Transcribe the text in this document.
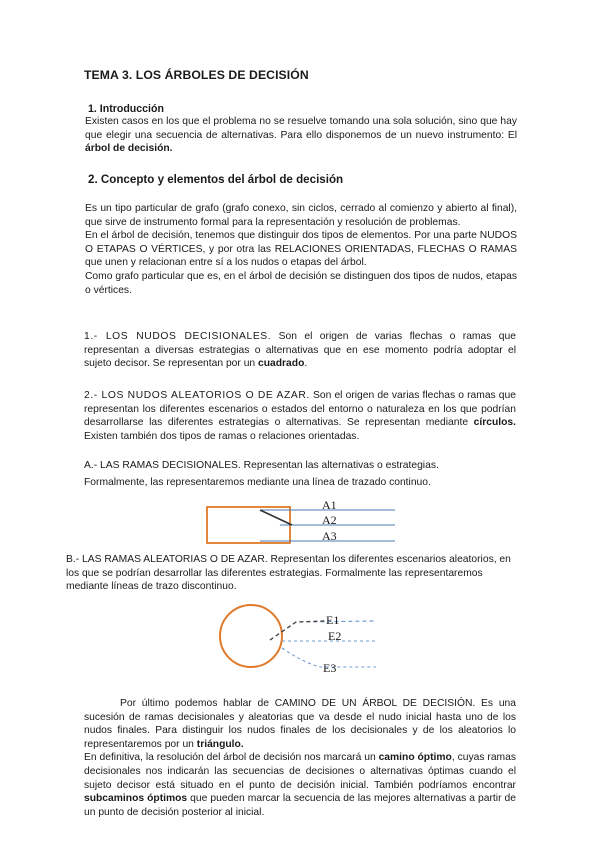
TEMA 3. LOS ÁRBOLES DE DECISIÓN
1. Introducción
Existen casos en los que el problema no se resuelve tomando una sola solución, sino que hay que elegir una secuencia de alternativas. Para ello disponemos de un nuevo instrumento: El árbol de decisión.
2. Concepto y elementos del árbol de decisión

Es un tipo particular de grafo (grafo conexo, sin ciclos, cerrado al comienzo y abierto al final), que sirve de instrumento formal para la representación y resolución de problemas.

En el árbol de decisión, tenemos que distinguir dos tipos de elementos. Por una parte NUDOS O ETAPAS O VÉRTICES, y por otra las RELACIONES ORIENTADAS, FLECHAS O RAMAS que unen y relacionan entre sí a los nudos o etapas del árbol.

Como grafo particular que es, en el árbol de decisión se distinguen dos tipos de nudos, etapas o vértices.

1.- LOS NUDOS DECISIONALES. Son el origen de varias flechas o ramas que representan a diversas estrategias o alternativas que en ese momento podría adoptar el sujeto decisor. Se representan por un cuadrado.
2.- LOS NUDOS ALEATORIOS O DE AZAR. Son el origen de varias flechas o ramas que representan los diferentes escenarios o estados del entorno o naturaleza en los que podrían desarrollarse las diferentes estrategias o alternativas. Se representan mediante círculos. Existen también dos tipos de ramas o relaciones orientadas.

A.- LAS RAMAS DECISIONALES. Representan las alternativas o estrategias.

Formalmente, las representaremos mediante una línea de trazado continuo.

A1
A2
A3
B.- LAS RAMAS ALEATORIAS O DE AZAR. Representan los diferentes escenarios aleatorios, en los que se podrían desarrollar las diferentes estrategias. Formalmente las representaremos mediante líneas de trazo discontinuo.
E1
E2
E3

Por último podemos hablar de CAMINO DE UN ÁRBOL DE DECISIÓN. Es una sucesión de ramas decisionales y aleatorias que va desde el nudo inicial hasta uno de los nudos finales. Para distinguir los nudos finales de los decisionales y de los aleatorios lo representaremos por un triángulo.

En definitiva, la resolución del árbol de decisión nos marcará un camino óptimo, cuyas ramas decisionales nos indicarán las secuencias de decisiones o alternativas óptimas cuando el sujeto decisor está situado en el punto de decisión inicial. También podríamos encontrar subcaminos óptimos que pueden marcar la secuencia de las mejores alternativas a partir de un punto de decisión posterior al inicial.
